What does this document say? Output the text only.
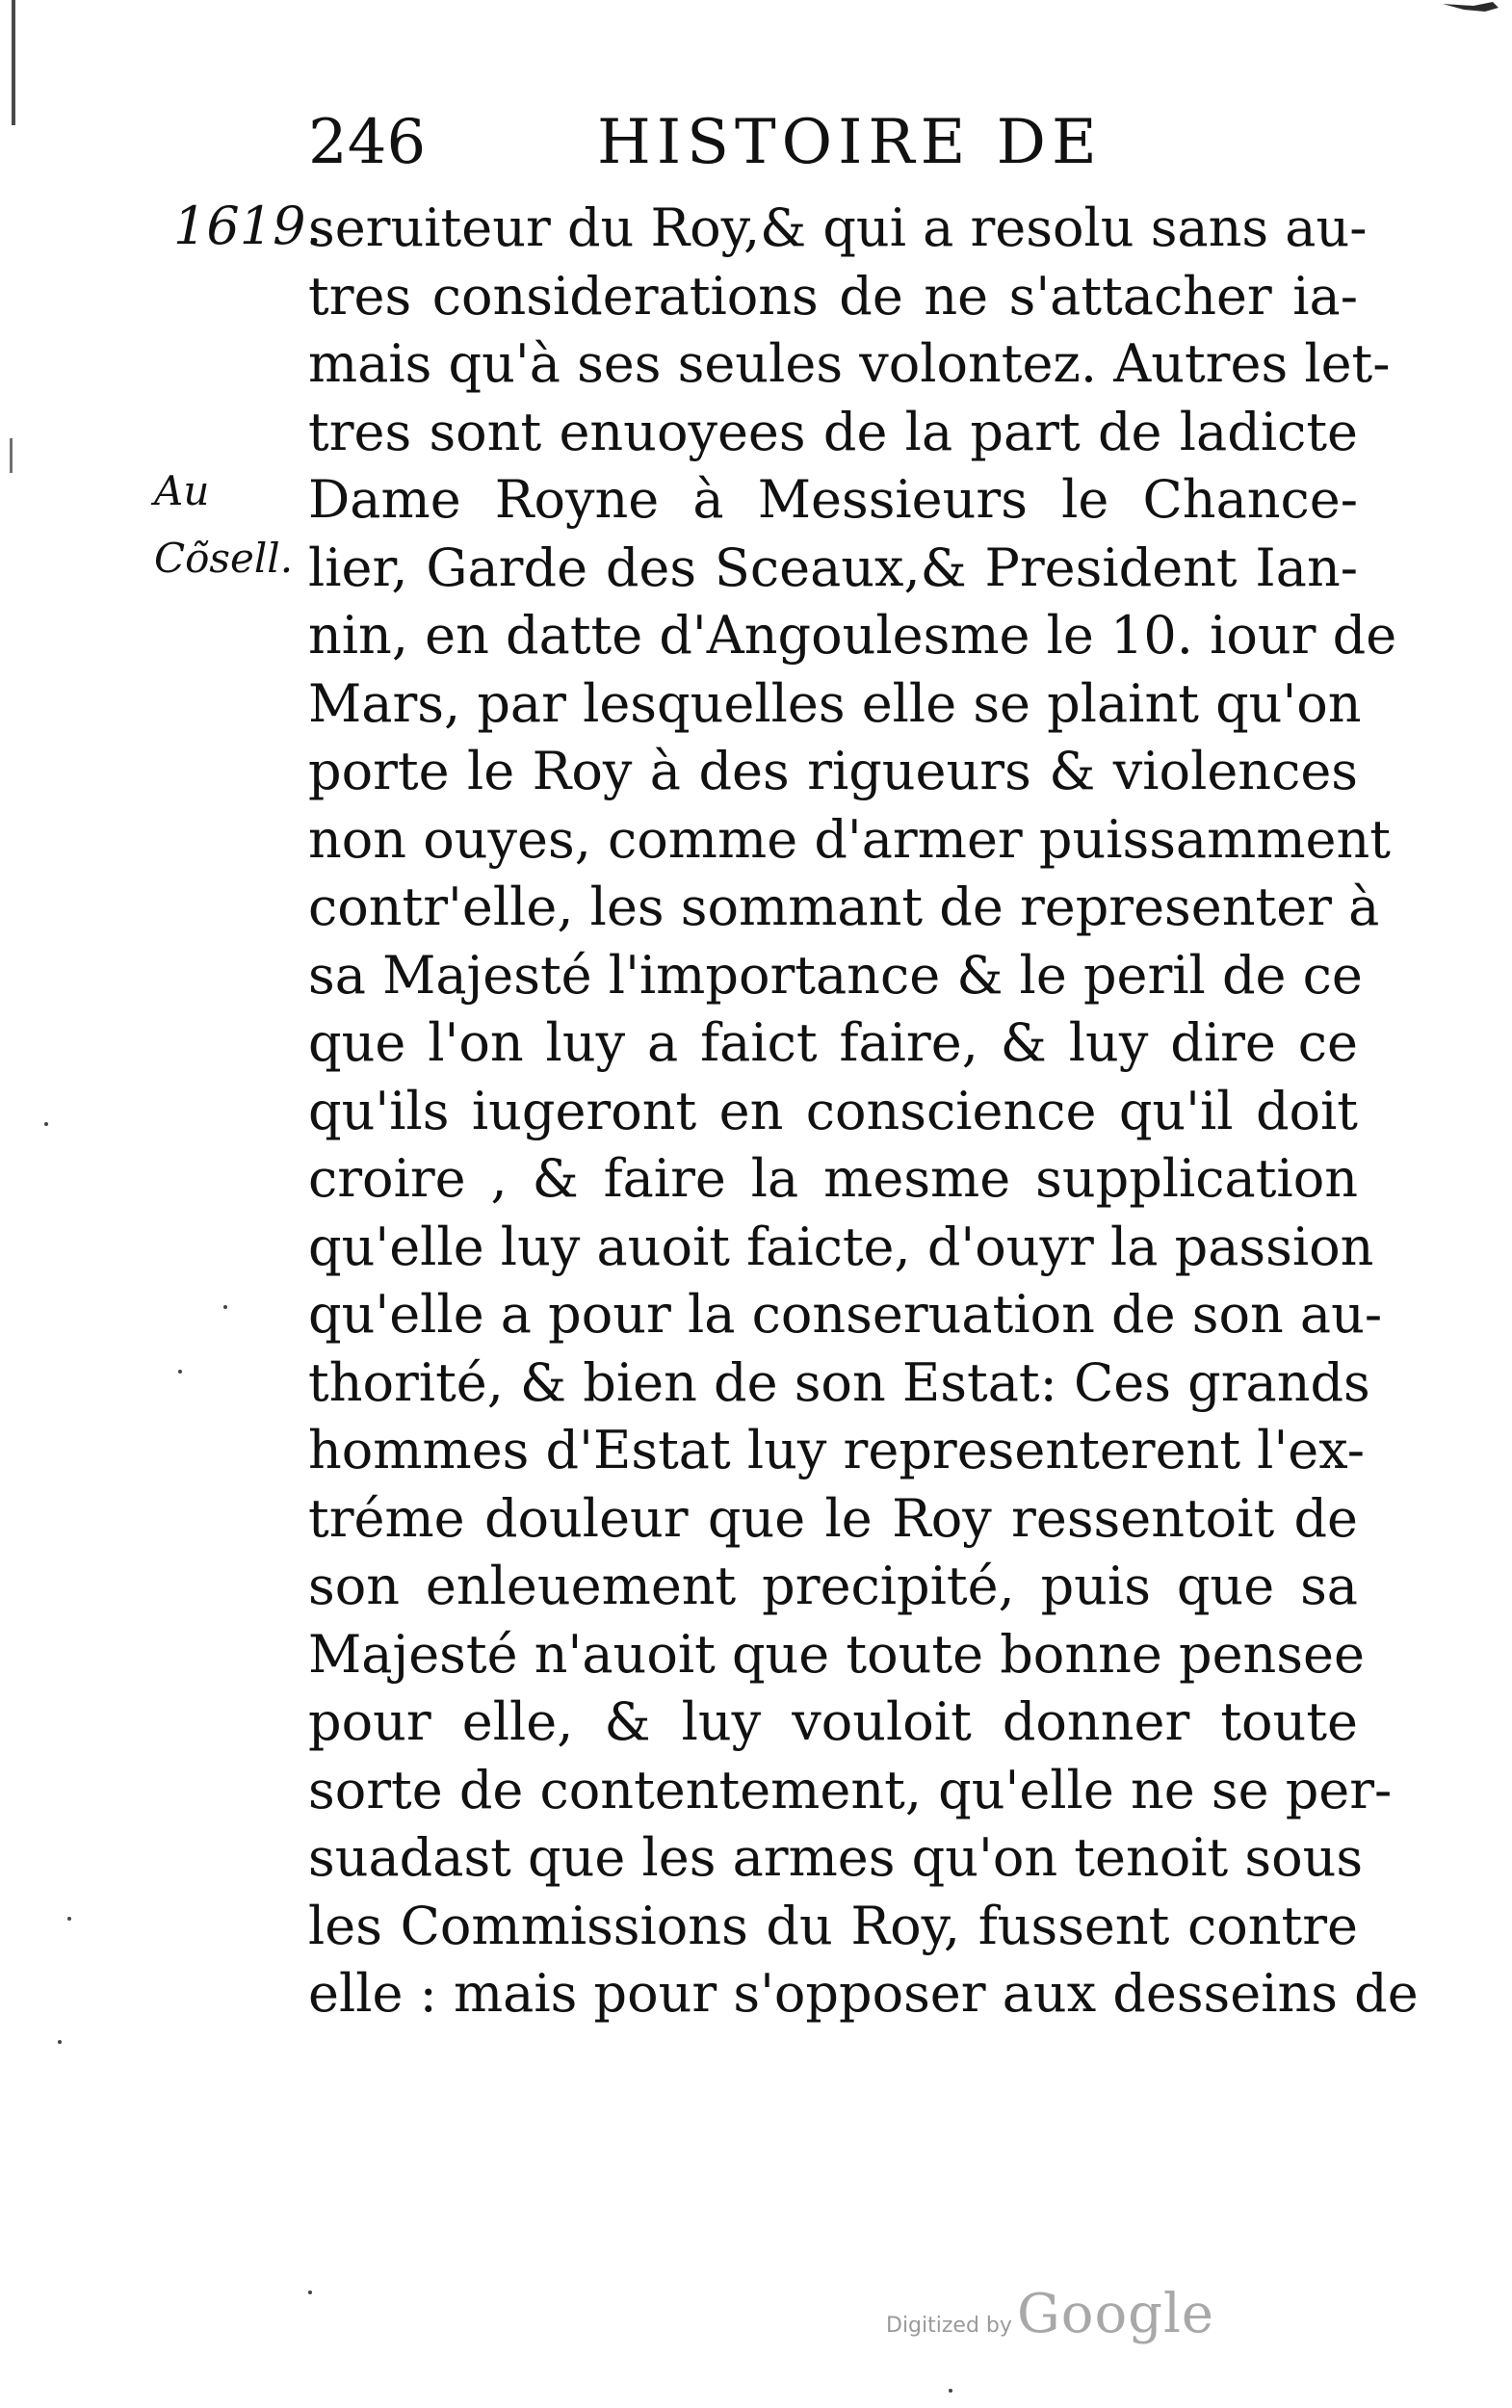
246	HISTOIRE DE
1619.
Au
Cõsell.
seruiteur du Roy,& qui a resolu sans au-
tres considerations de ne s'attacher ia-
mais qu'à ses seules volontez. Autres let-
tres sont enuoyees de la part de ladicte
Dame Royne à Messieurs le Chance-
lier, Garde des Sceaux,& President Ian-
nin, en datte d'Angoulesme le 10. iour de
Mars, par lesquelles elle se plaint qu'on
porte le Roy à des rigueurs & violences
non ouyes, comme d'armer puissamment
contr'elle, les sommant de representer à
sa Majesté l'importance & le peril de ce
que l'on luy a faict faire, & luy dire ce
qu'ils iugeront en conscience qu'il doit
croire , & faire la mesme supplication
qu'elle luy auoit faicte, d'ouyr la passion
qu'elle a pour la conseruation de son au-
thorité, & bien de son Estat: Ces grands
hommes d'Estat luy representerent l'ex-
tréme douleur que le Roy ressentoit de
son enleuement precipité, puis que sa
Majesté n'auoit que toute bonne pensee
pour elle, & luy vouloit donner toute
sorte de contentement, qu'elle ne se per-
suadast que les armes qu'on tenoit sous
les Commissions du Roy, fussent contre
elle : mais pour s'opposer aux desseins de
Digitized by Google
